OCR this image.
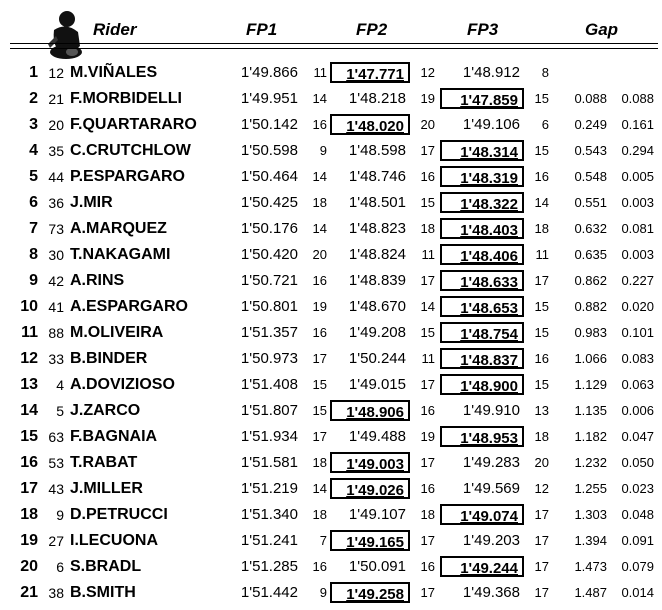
Rider	FP1	FP2	FP3	Gap
1 12 M.VIÑALES	1'49.866	11	1'47.771	12	1'48.912	8
2 21 F.MORBIDELLI	1'49.951	14	1'48.218	19	1'47.859	15	0.088	0.088
3 20 F.QUARTARARO	1'50.142	16	1'48.020	20	1'49.106	6	0.249	0.161
4 35 C.CRUTCHLOW	1'50.598	9	1'48.598	17	1'48.314	15	0.543	0.294
5 44 P.ESPARGARO	1'50.464	14	1'48.746	16	1'48.319	16	0.548	0.005
6 36 J.MIR	1'50.425	18	1'48.501	15	1'48.322	14	0.551	0.003
7 73 A.MARQUEZ	1'50.176	14	1'48.823	18	1'48.403	18	0.632	0.081
8 30 T.NAKAGAMI	1'50.420	20	1'48.824	11	1'48.406	11	0.635	0.003
9 42 A.RINS	1'50.721	16	1'48.839	17	1'48.633	17	0.862	0.227
10 41 A.ESPARGARO	1'50.801	19	1'48.670	14	1'48.653	15	0.882	0.020
11 88 M.OLIVEIRA	1'51.357	16	1'49.208	15	1'48.754	15	0.983	0.101
12 33 B.BINDER	1'50.973	17	1'50.244	11	1'48.837	16	1.066	0.083
13	4 A.DOVIZIOSO	1'51.408	15	1'49.015	17	1'48.900	15	1.129	0.063
14	5 J.ZARCO	1'51.807	15	1'48.906	16	1'49.910	13	1.135	0.006
15 63 F.BAGNAIA	1'51.934	17	1'49.488	19	1'48.953	18	1.182	0.047
16 53 T.RABAT	1'51.581	18	1'49.003	17	1'49.283	20	1.232	0.050
17 43 J.MILLER	1'51.219	14	1'49.026	16	1'49.569	12	1.255	0.023
18	9 D.PETRUCCI	1'51.340	18	1'49.107	18	1'49.074	17	1.303	0.048
19 27 I.LECUONA	1'51.241	7	1'49.165	17	1'49.203	17	1.394	0.091
20	6 S.BRADL	1'51.285	16	1'50.091	16	1'49.244	17	1.473	0.079
21 38 B.SMITH	1'51.442	9	1'49.258	17	1'49.368	17	1.487	0.014
